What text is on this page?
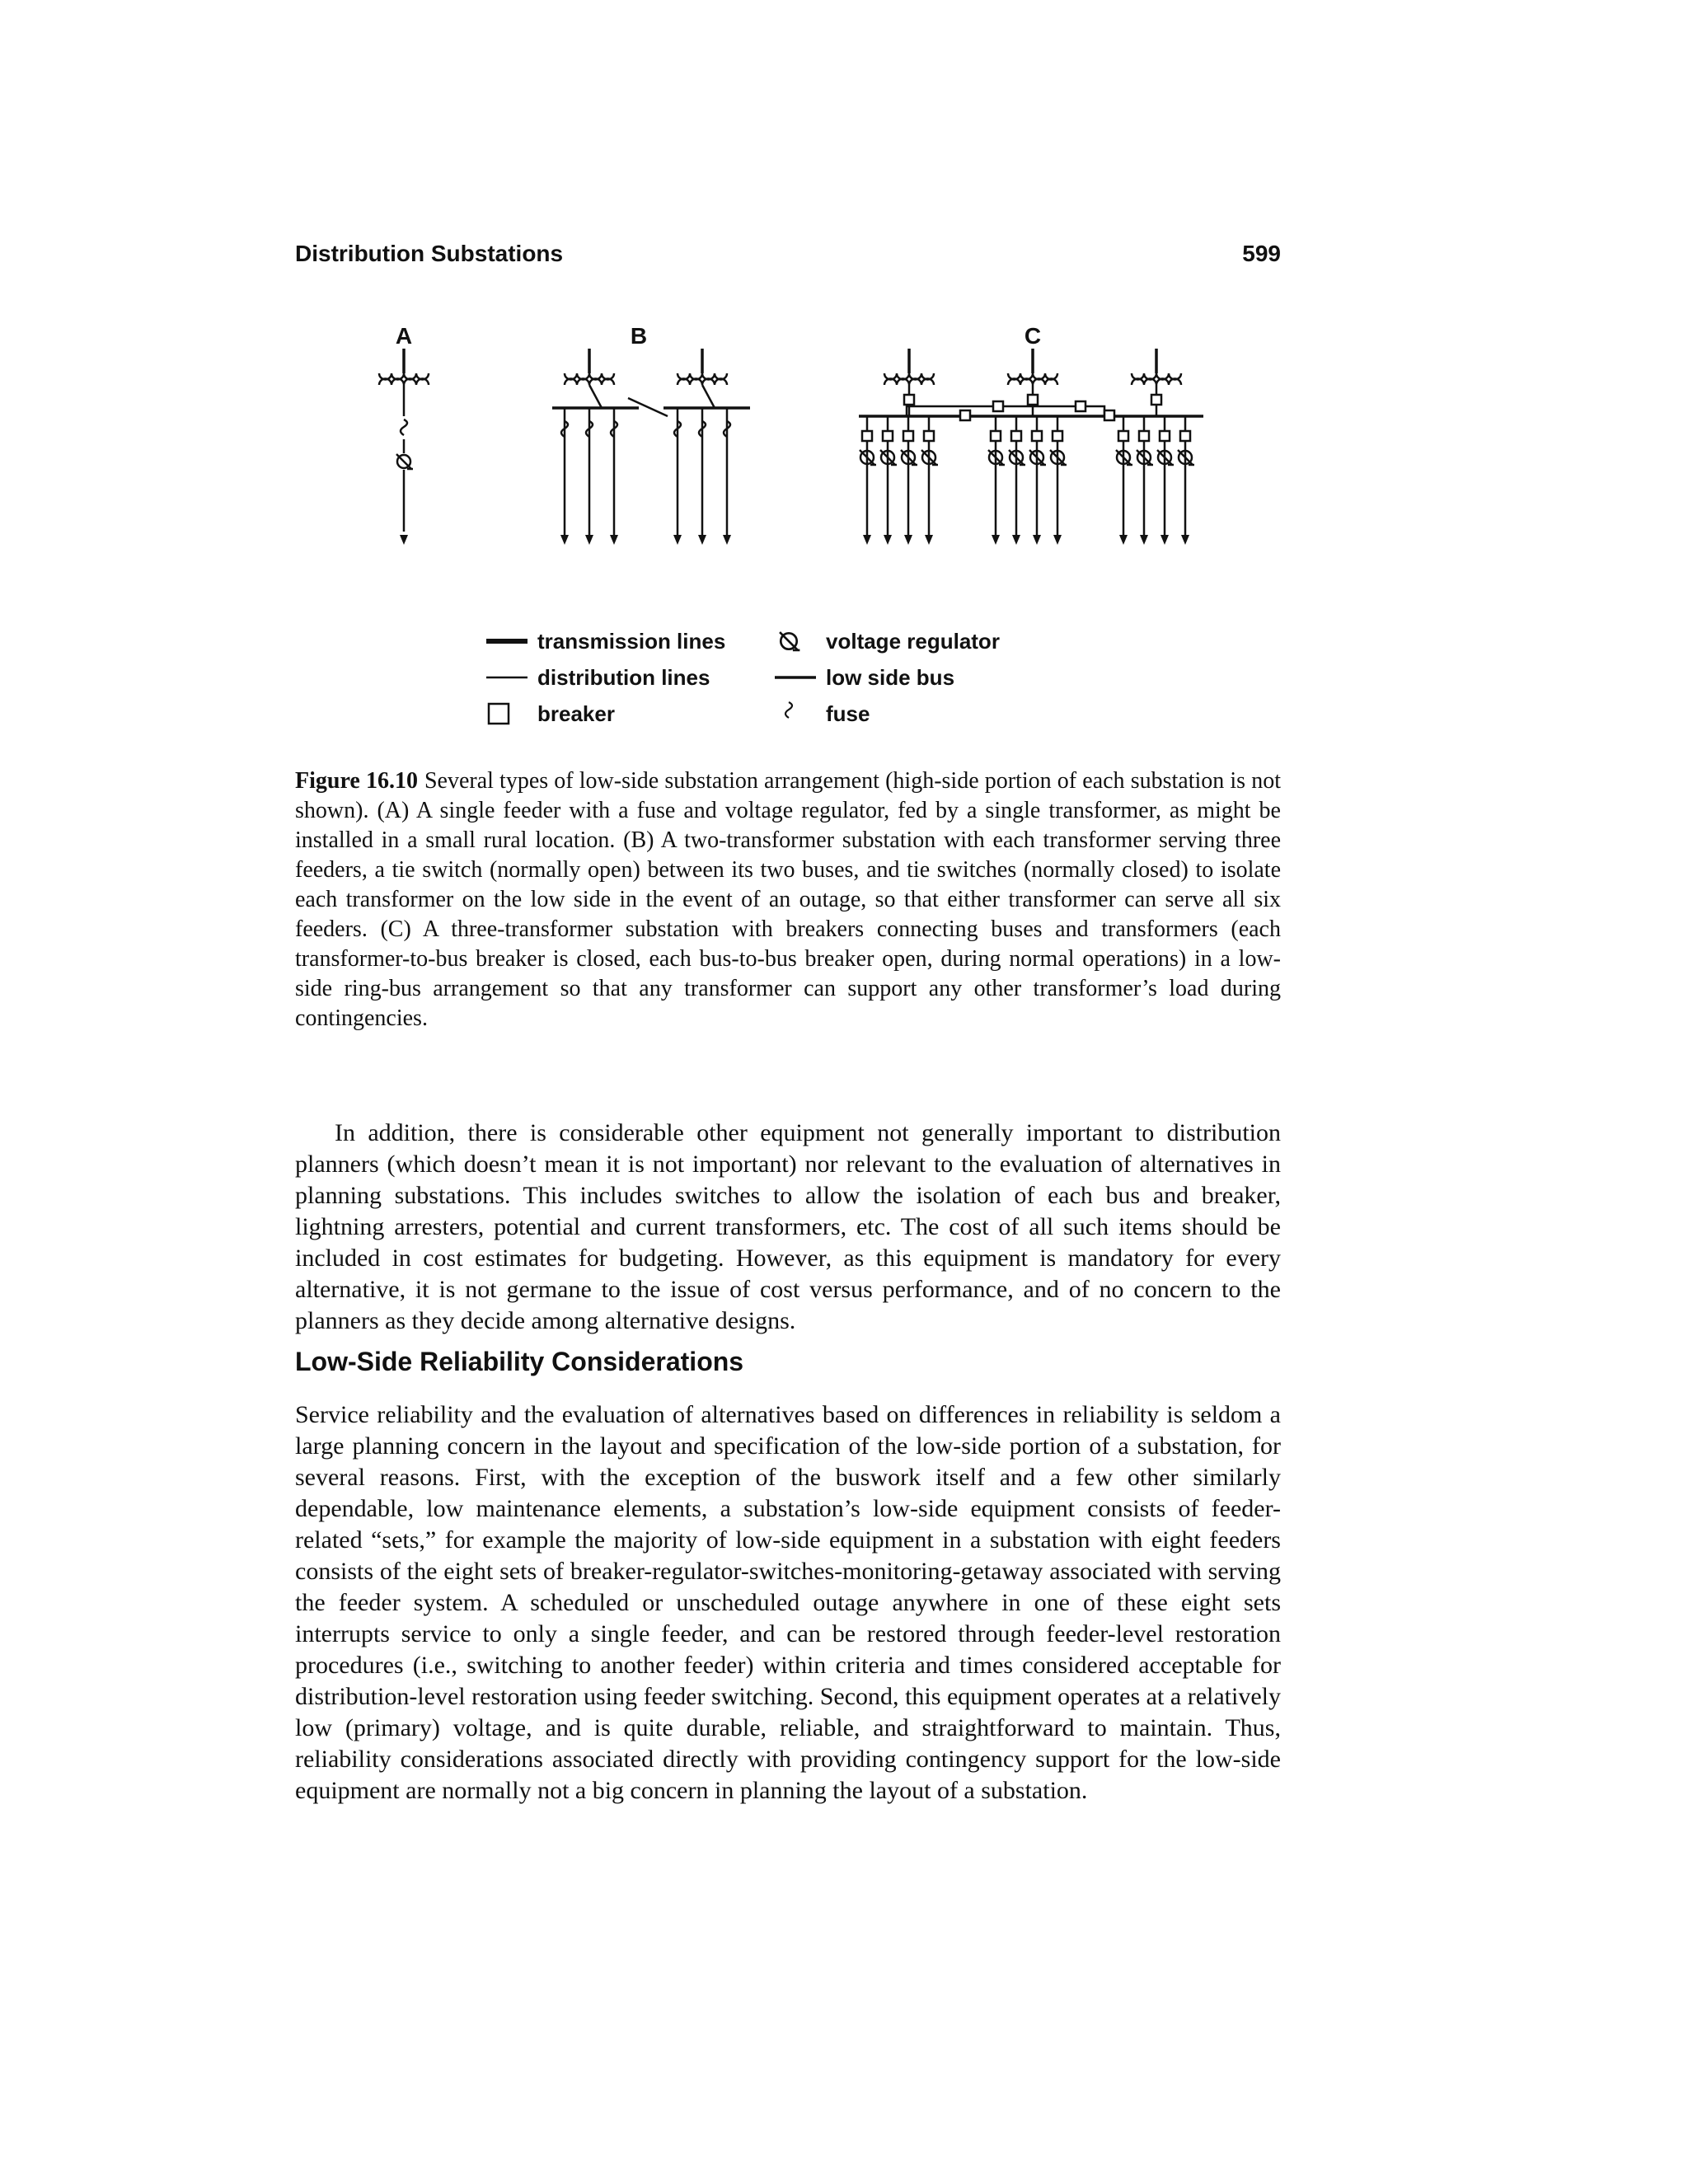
Distribution Substations	599
A	B	C
transmission lines
distribution lines
breaker
voltage regulator
low side bus
fuse
Figure 16.10 Several types of low-side substation arrangement (high-side portion of each substation is not shown). (A) A single feeder with a fuse and voltage regulator, fed by a single transformer, as might be installed in a small rural location. (B) A two-transformer substation with each transformer serving three feeders, a tie switch (normally open) between its two buses, and tie switches (normally closed) to isolate each transformer on the low side in the event of an outage, so that either transformer can serve all six feeders. (C) A three-transformer substation with breakers connecting buses and transformers (each transformer-to-bus breaker is closed, each bus-to-bus breaker open, during normal operations) in a low-side ring-bus arrangement so that any transformer can support any other transformer’s load during contingencies.

In addition, there is considerable other equipment not generally important to distribution planners (which doesn’t mean it is not important) nor relevant to the evaluation of alternatives in planning substations. This includes switches to allow the isolation of each bus and breaker, lightning arresters, potential and current transformers, etc. The cost of all such items should be included in cost estimates for budgeting. However, as this equipment is mandatory for every alternative, it is not germane to the issue of cost versus performance, and of no concern to the planners as they decide among alternative designs.

Low-Side Reliability Considerations

Service reliability and the evaluation of alternatives based on differences in reliability is seldom a large planning concern in the layout and specification of the low-side portion of a substation, for several reasons. First, with the exception of the buswork itself and a few other similarly dependable, low maintenance elements, a substation’s low-side equipment consists of feeder-related “sets,” for example the majority of low-side equipment in a substation with eight feeders consists of the eight sets of breaker-regulator-switches-monitoring-getaway associated with serving the feeder system. A scheduled or unscheduled outage anywhere in one of these eight sets interrupts service to only a single feeder, and can be restored through feeder-level restoration procedures (i.e., switching to another feeder) within criteria and times considered acceptable for distribution-level restoration using feeder switching. Second, this equipment operates at a relatively low (primary) voltage, and is quite durable, reliable, and straightforward to maintain. Thus, reliability considerations associated directly with providing contingency support for the low-side equipment are normally not a big concern in planning the layout of a substation.
